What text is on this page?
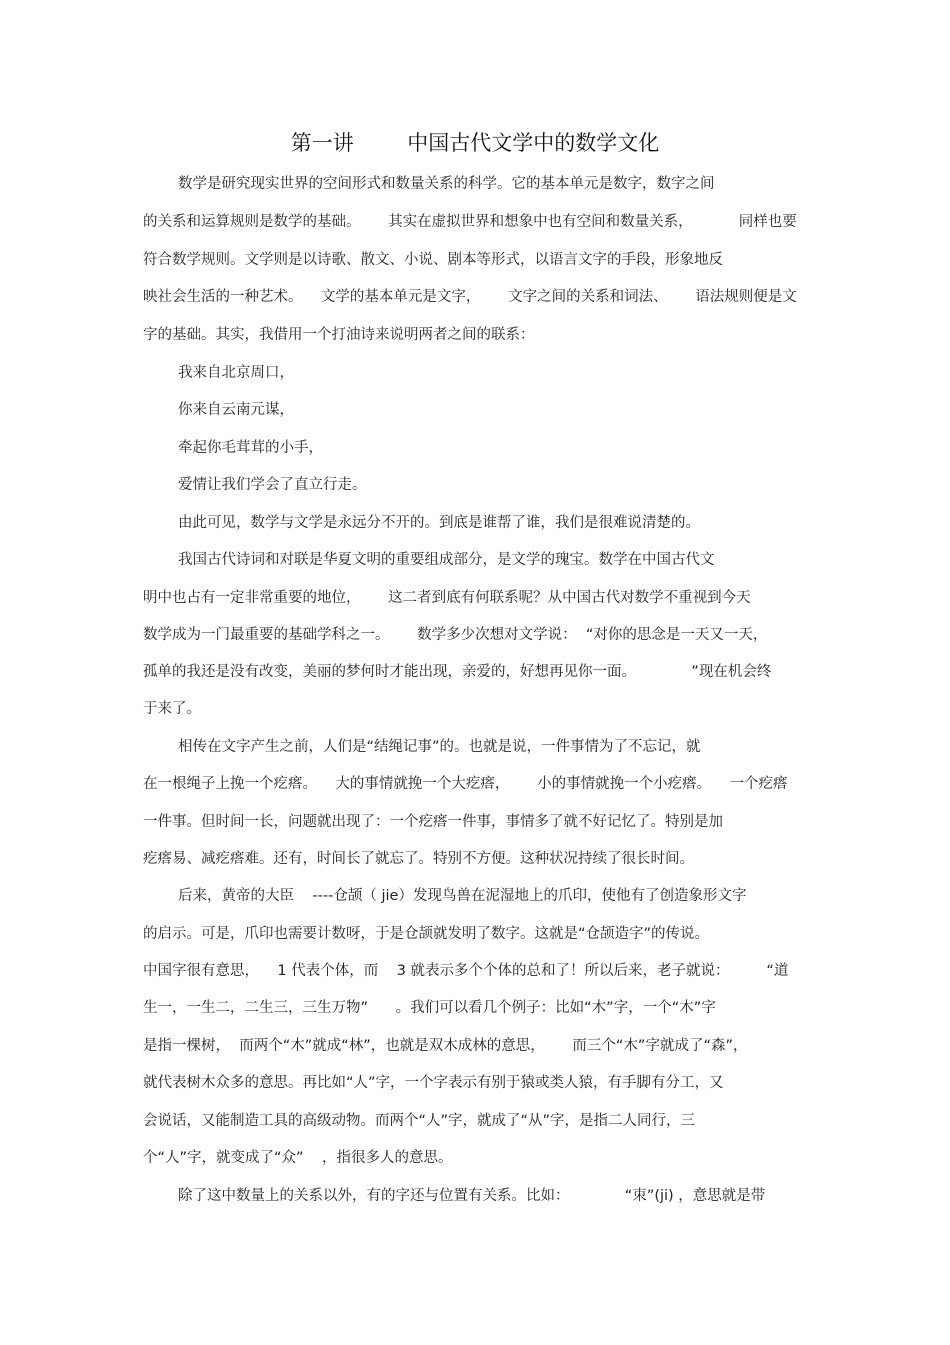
第一讲        中国古代文学中的数学文化
数学是研究现实世界的空间形式和数量关系的科学。它的基本单元是数字，数字之间
的关系和运算规则是数学的基础。      其实在虚拟世界和想象中也有空间和数量关系，          同样也要
符合数学规则。文学则是以诗歌、散文、小说、剧本等形式，以语言文字的手段，形象地反
映社会生活的一种艺术。    文学的基本单元是文字，      文字之间的关系和词法、      语法规则便是文
字的基础。其实，我借用一个打油诗来说明两者之间的联系：
我来自北京周口，
你来自云南元谋，
牵起你毛茸茸的小手，
爱情让我们学会了直立行走。
由此可见，数学与文学是永远分不开的。到底是谁帮了谁，我们是很难说清楚的。
我国古代诗词和对联是华夏文明的重要组成部分，是文学的瑰宝。数学在中国古代文
明中也占有一定非常重要的地位，      这二者到底有何联系呢？从中国古代对数学不重视到今天
数学成为一门最重要的基础学科之一。      数学多少次想对文学说：  “对你的思念是一天又一天，
孤单的我还是没有改变，美丽的梦何时才能出现，亲爱的，好想再见你一面。            ”现在机会终
于来了。
相传在文字产生之前，人们是“结绳记事”的。也就是说，一件事情为了不忘记，就
在一根绳子上挽一个疙瘩。    大的事情就挽一个大疙瘩，      小的事情就挽一个小疙瘩。    一个疙瘩
一件事。但时间一长，问题就出现了：一个疙瘩一件事，事情多了就不好记忆了。特别是加
疙瘩易、减疙瘩难。还有，时间长了就忘了。特别不方便。这种状况持续了很长时间。
后来，黄帝的大臣    ----仓颉（ jie）发现鸟兽在泥湿地上的爪印，使他有了创造象形文字
的启示。可是，爪印也需要计数呀，于是仓颉就发明了数字。这就是“仓颉造字”的传说。
中国字很有意思，    1 代表个体，而    3 就表示多个个体的总和了！所以后来，老子就说：        “道
生一，一生二，二生三，三生万物”      。我们可以看几个例子：比如“木”字，一个“木”字
是指一棵树，  而两个“木”就成“林”，也就是双木成林的意思，      而三个“木”字就成了“森”，
就代表树木众多的意思。再比如“人”字，一个字表示有别于猿或类人猿，有手脚有分工，又
会说话，又能制造工具的高级动物。而两个“人”字，就成了“从”字，是指二人同行，三
个“人”字，就变成了“众”    ，指很多人的意思。
除了这中数量上的关系以外，有的字还与位置有关系。比如：            “朿”(ji) ，意思就是带
